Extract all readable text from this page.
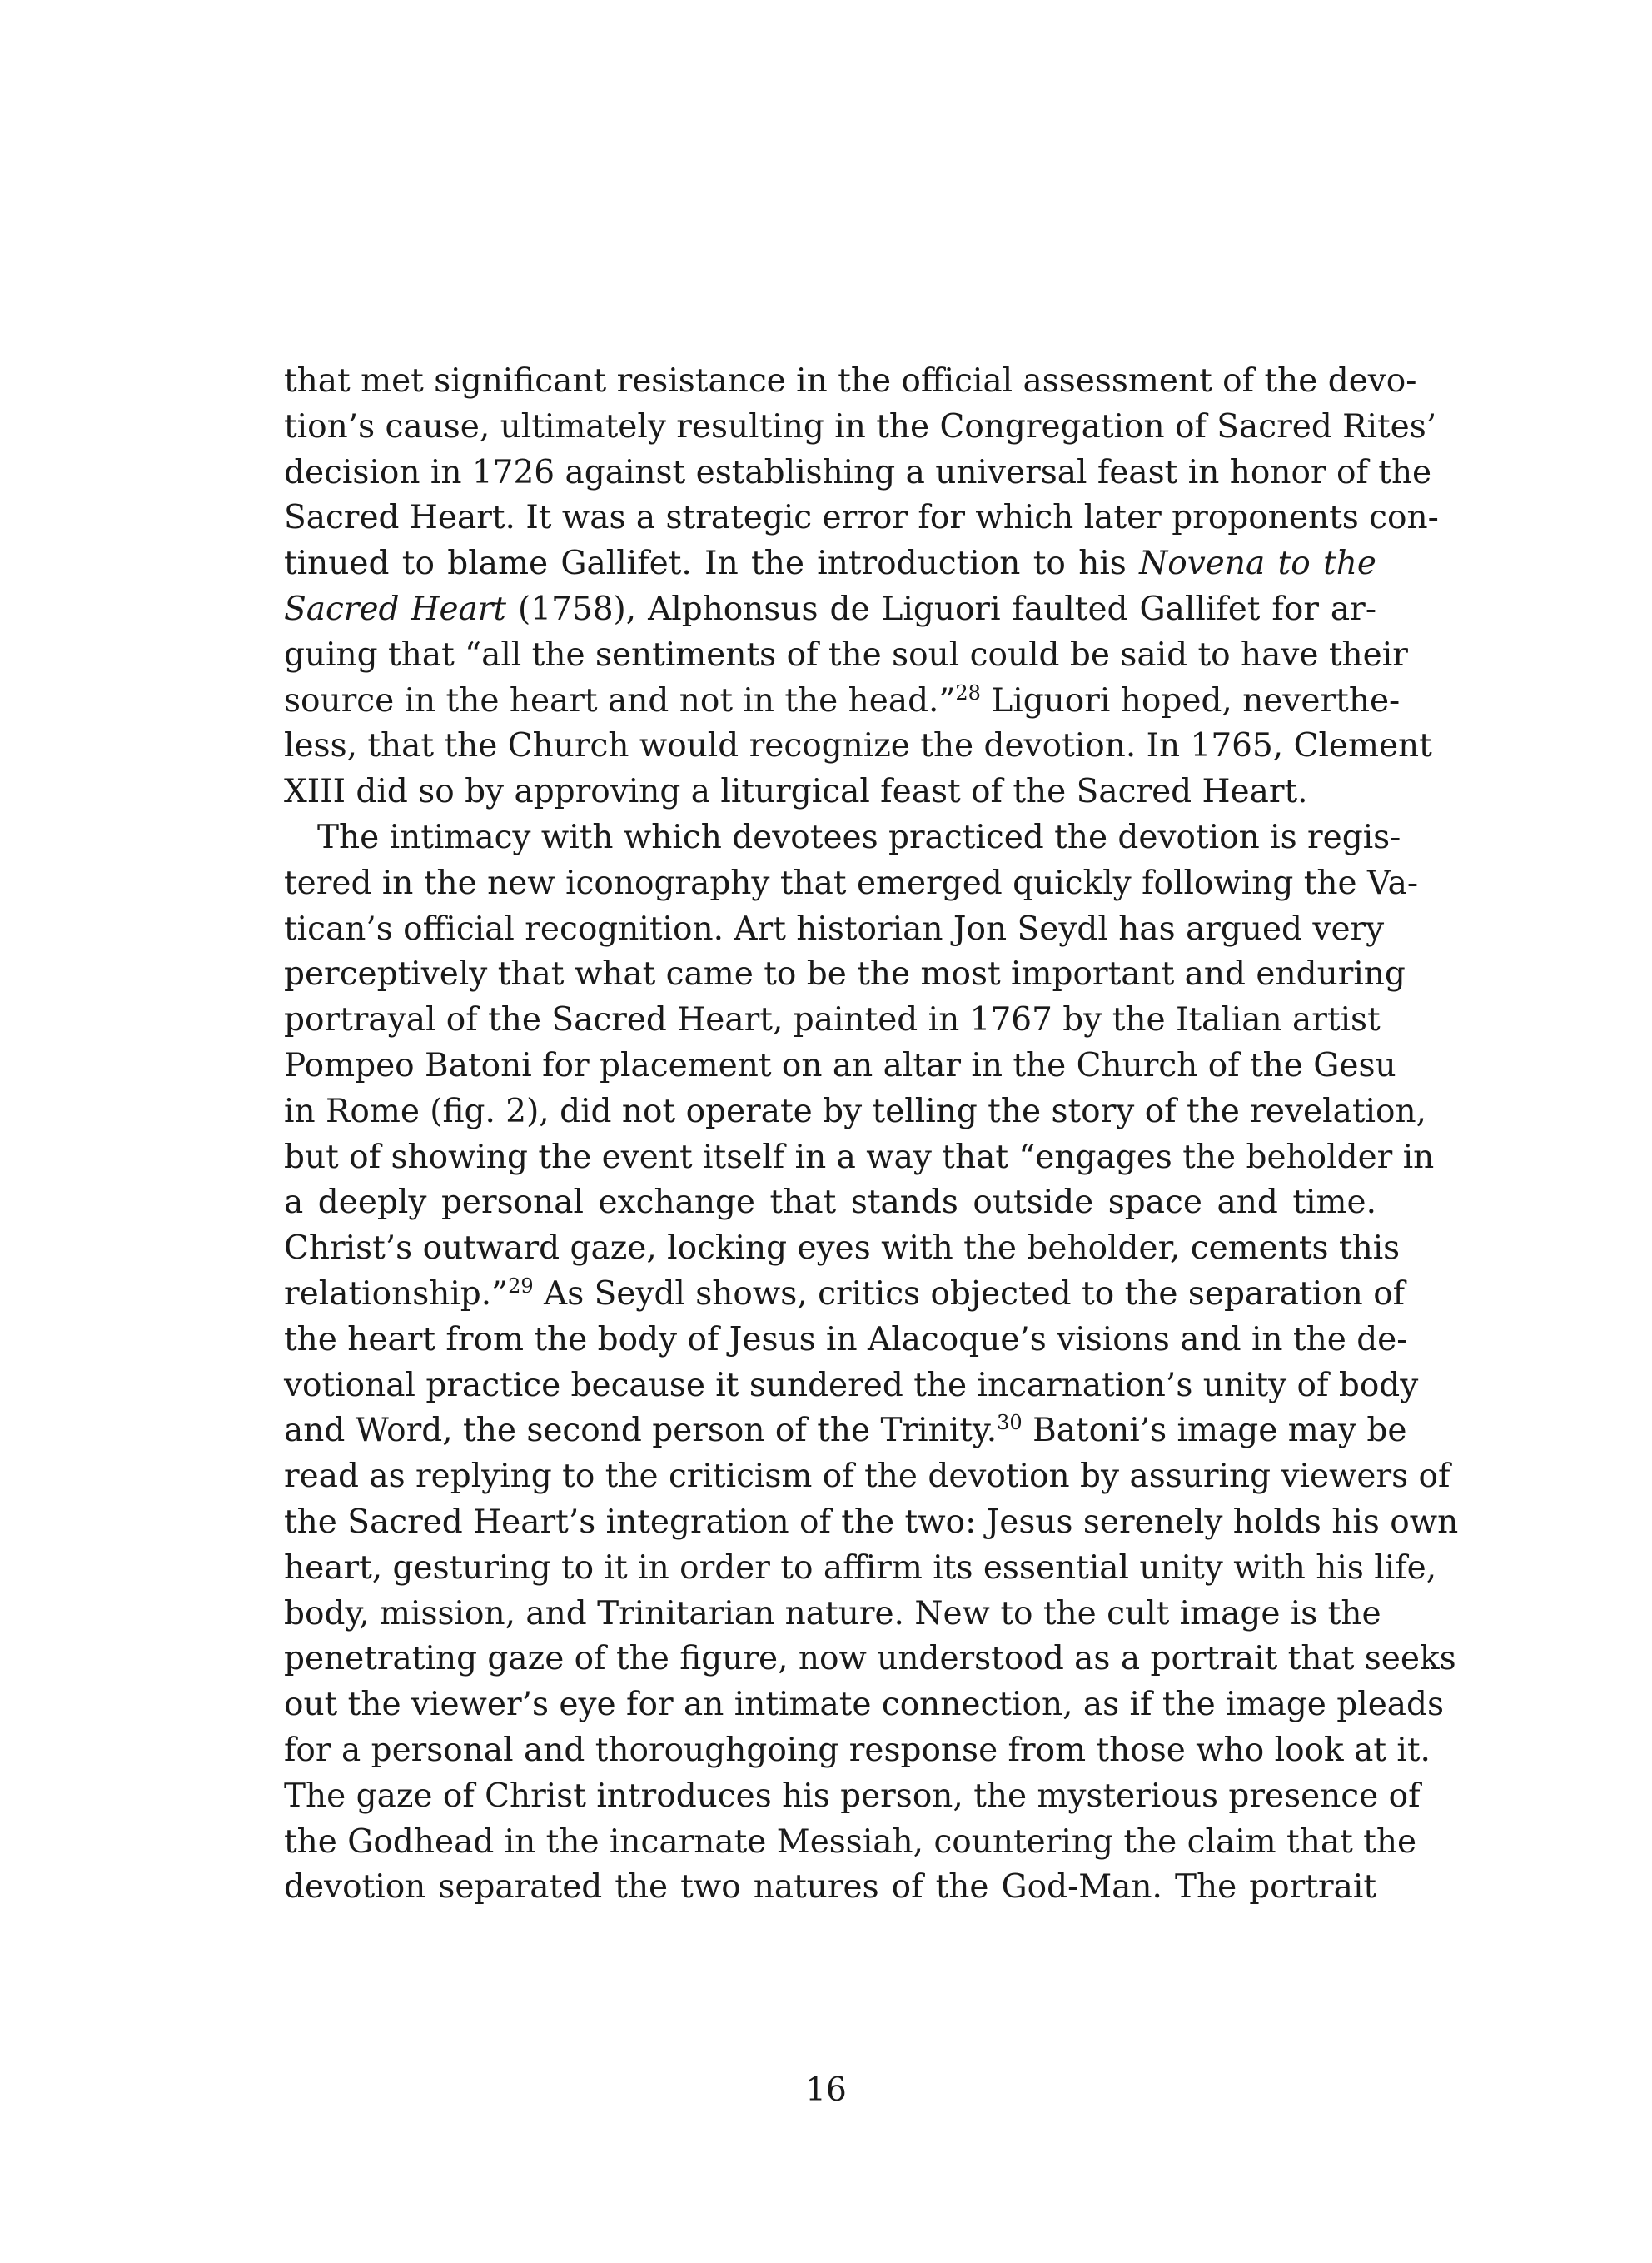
that met significant resistance in the official assessment of the devo-
tion’s cause, ultimately resulting in the Congregation of Sacred Rites’
decision in 1726 against establishing a universal feast in honor of the
Sacred Heart. It was a strategic error for which later proponents con-
tinued to blame Gallifet. In the introduction to his Novena to the
Sacred Heart (1758), Alphonsus de Liguori faulted Gallifet for ar-
guing that “all the sentiments of the soul could be said to have their
source in the heart and not in the head.”$^{28}$ Liguori hoped, neverthe-
less, that the Church would recognize the devotion. In 1765, Clement
XIII did so by approving a liturgical feast of the Sacred Heart.
The intimacy with which devotees practiced the devotion is regis-
tered in the new iconography that emerged quickly following the Va-
tican’s official recognition. Art historian Jon Seydl has argued very
perceptively that what came to be the most important and enduring
portrayal of the Sacred Heart, painted in 1767 by the Italian artist
Pompeo Batoni for placement on an altar in the Church of the Gesu
in Rome (fig. 2), did not operate by telling the story of the revelation,
but of showing the event itself in a way that “engages the beholder in
a deeply personal exchange that stands outside space and time.
Christ’s outward gaze, locking eyes with the beholder, cements this
relationship.”$^{29}$ As Seydl shows, critics objected to the separation of
the heart from the body of Jesus in Alacoque’s visions and in the de-
votional practice because it sundered the incarnation’s unity of body
and Word, the second person of the Trinity.$^{30}$ Batoni’s image may be
read as replying to the criticism of the devotion by assuring viewers of
the Sacred Heart’s integration of the two: Jesus serenely holds his own
heart, gesturing to it in order to affirm its essential unity with his life,
body, mission, and Trinitarian nature. New to the cult image is the
penetrating gaze of the figure, now understood as a portrait that seeks
out the viewer’s eye for an intimate connection, as if the image pleads
for a personal and thoroughgoing response from those who look at it.
The gaze of Christ introduces his person, the mysterious presence of
the Godhead in the incarnate Messiah, countering the claim that the
devotion separated the two natures of the God-Man. The portrait
16
